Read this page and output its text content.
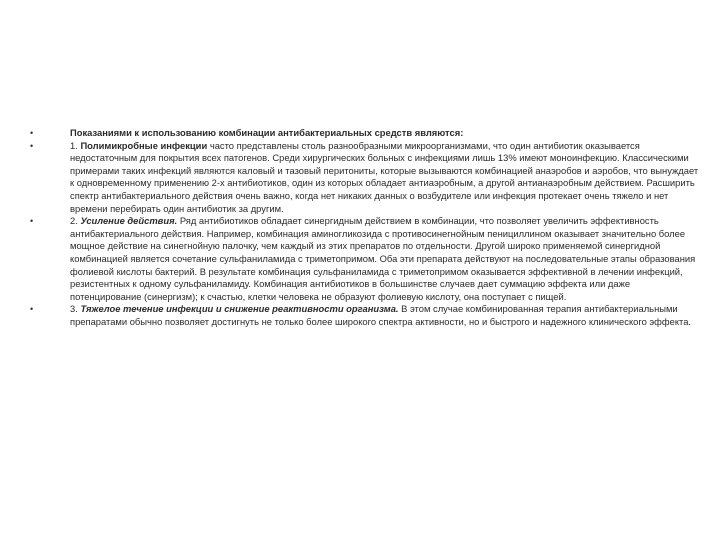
•	Показаниями к использованию комбинации антибактериальных средств являются:
•	1. Полимикробные инфекции часто представлены столь разнообразными микроорганизмами, что один антибиотик оказывается недостаточным для покрытия всех патогенов. Среди хирургических больных с инфекциями лишь 13% имеют моноинфекцию. Классическими примерами таких инфекций являются каловый и тазовый перитониты, которые вызываются комбинацией анаэробов и аэробов, что вынуждает к одновременному применению 2-х антибиотиков, один из которых обладает антиаэробным, а другой антианаэробным действием. Расширить спектр антибактериального действия очень важно, когда нет никаких данных о возбудителе или инфекция протекает очень тяжело и нет времени перебирать один антибиотик за другим.
•	2. Усиление действия. Ряд антибиотиков обладает синергидным действием в комбинации, что позволяет увеличить эффективность антибактериального действия. Например, комбинация аминогликозида с противосинегнойным пенициллином оказывает значительно более мощное действие на синегнойную палочку, чем каждый из этих препаратов по отдельности. Другой широко применяемой синергидной комбинацией является сочетание сульфаниламида с триметопримом. Оба эти препарата действуют на последовательные этапы образования фолиевой кислоты бактерий. В результате комбинация сульфаниламида с триметопримом оказывается эффективной в лечении инфекций, резистентных к одному сульфаниламиду. Комбинация антибиотиков в большинстве случаев дает суммацию эффекта или даже потенцирование (синергизм); к счастью, клетки человека не образуют фолиевую кислоту, она поступает с пищей.
•	3. Тяжелое течение инфекции и снижение реактивности организма. В этом случае комбинированная терапия антибактериальными препаратами обычно позволяет достигнуть не только более широкого спектра активности, но и быстрого и надежного клинического эффекта.
